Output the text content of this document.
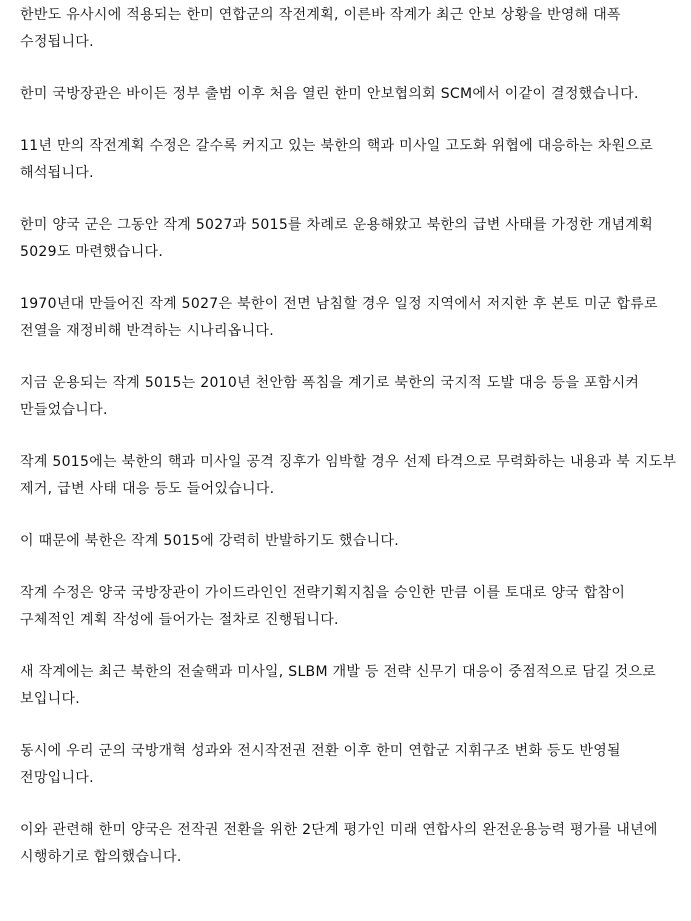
한반도 유사시에 적용되는 한미 연합군의 작전계획, 이른바 작계가 최근 안보 상황을 반영해 대폭 수정됩니다.

한미 국방장관은 바이든 정부 출범 이후 처음 열린 한미 안보협의회 SCM에서 이같이 결정했습니다.

11년 만의 작전계획 수정은 갈수록 커지고 있는 북한의 핵과 미사일 고도화 위협에 대응하는 차원으로 해석됩니다.

한미 양국 군은 그동안 작계 5027과 5015를 차례로 운용해왔고 북한의 급변 사태를 가정한 개념계획 5029도 마련했습니다.

1970년대 만들어진 작계 5027은 북한이 전면 남침할 경우 일정 지역에서 저지한 후 본토 미군 합류로 전열을 재정비해 반격하는 시나리옵니다.

지금 운용되는 작계 5015는 2010년 천안함 폭침을 계기로 북한의 국지적 도발 대응 등을 포함시켜 만들었습니다.

작계 5015에는 북한의 핵과 미사일 공격 징후가 임박할 경우 선제 타격으로 무력화하는 내용과 북 지도부 제거, 급변 사태 대응 등도 들어있습니다.

이 때문에 북한은 작계 5015에 강력히 반발하기도 했습니다.

작계 수정은 양국 국방장관이 가이드라인인 전략기획지침을 승인한 만큼 이를 토대로 양국 합참이 구체적인 계획 작성에 들어가는 절차로 진행됩니다.

새 작계에는 최근 북한의 전술핵과 미사일, SLBM 개발 등 전략 신무기 대응이 중점적으로 담길 것으로 보입니다.

동시에 우리 군의 국방개혁 성과와 전시작전권 전환 이후 한미 연합군 지휘구조 변화 등도 반영될 전망입니다.

이와 관련해 한미 양국은 전작권 전환을 위한 2단계 평가인 미래 연합사의 완전운용능력 평가를 내년에 시행하기로 합의했습니다.
